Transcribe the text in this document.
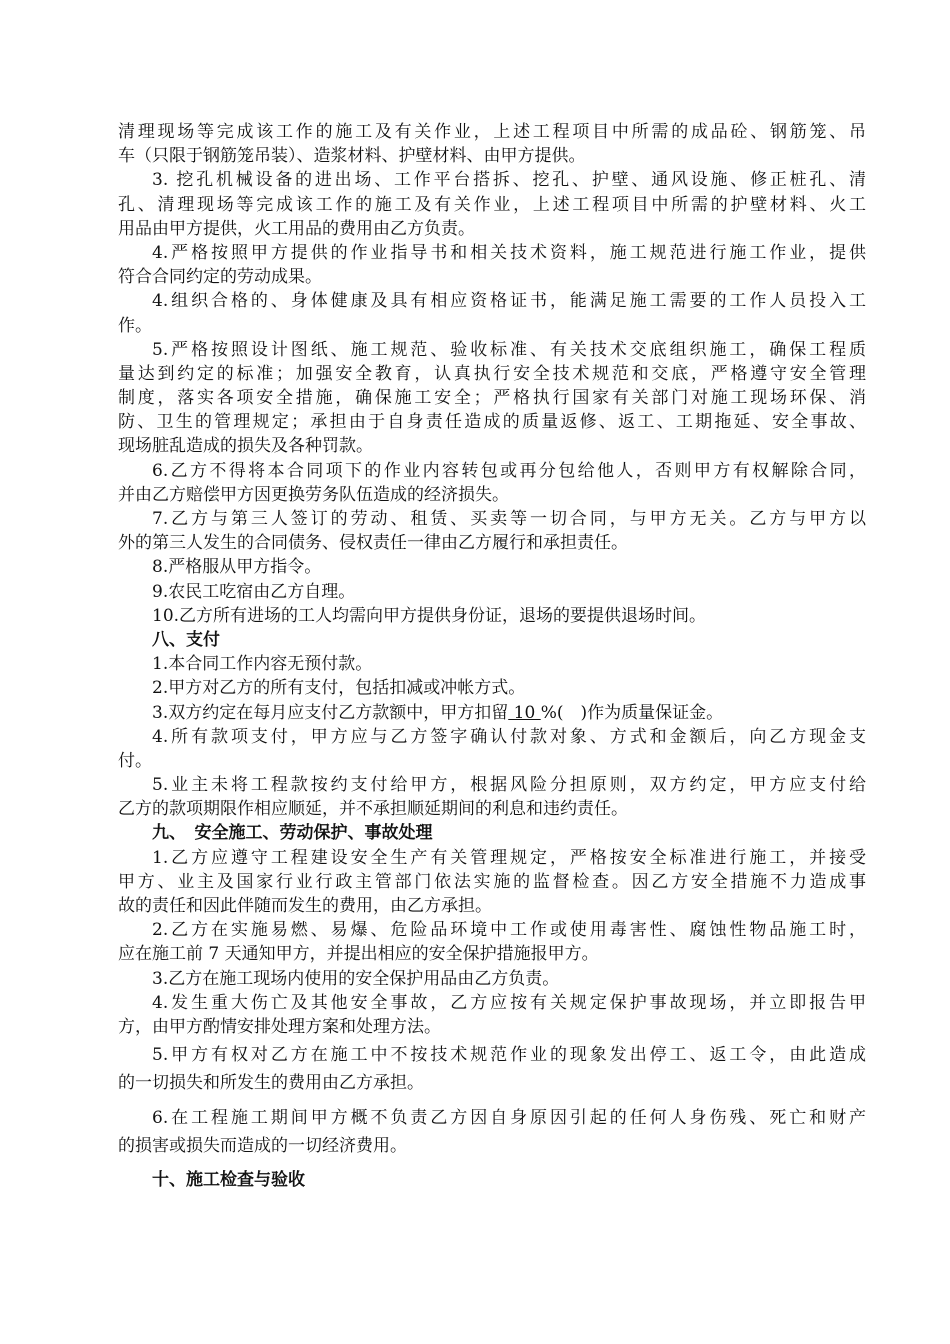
清理现场等完成该工作的施工及有关作业，上述工程项目中所需的成品砼、钢筋笼、吊
车（只限于钢筋笼吊装）、造浆材料、护壁材料、由甲方提供。
3. 挖孔机械设备的进出场、工作平台搭拆、挖孔、护壁、通风设施、修正桩孔、清
孔、清理现场等完成该工作的施工及有关作业，上述工程项目中所需的护壁材料、火工
用品由甲方提供，火工用品的费用由乙方负责。
4.严格按照甲方提供的作业指导书和相关技术资料，施工规范进行施工作业，提供
符合合同约定的劳动成果。
4.组织合格的、身体健康及具有相应资格证书，能满足施工需要的工作人员投入工
作。
5.严格按照设计图纸、施工规范、验收标准、有关技术交底组织施工，确保工程质
量达到约定的标准；加强安全教育，认真执行安全技术规范和交底，严格遵守安全管理
制度，落实各项安全措施，确保施工安全；严格执行国家有关部门对施工现场环保、消
防、卫生的管理规定；承担由于自身责任造成的质量返修、返工、工期拖延、安全事故、
现场脏乱造成的损失及各种罚款。
6.乙方不得将本合同项下的作业内容转包或再分包给他人，否则甲方有权解除合同，
并由乙方赔偿甲方因更换劳务队伍造成的经济损失。
7.乙方与第三人签订的劳动、租赁、买卖等一切合同，与甲方无关。乙方与甲方以
外的第三人发生的合同债务、侵权责任一律由乙方履行和承担责任。
8.严格服从甲方指令。
9.农民工吃宿由乙方自理。
10.乙方所有进场的工人均需向甲方提供身份证，退场的要提供退场时间。
八、支付
1.本合同工作内容无预付款。
2.甲方对乙方的所有支付，包括扣减或冲帐方式。
3.双方约定在每月应支付乙方款额中，甲方扣留 10 %(　)作为质量保证金。
4.所有款项支付，甲方应与乙方签字确认付款对象、方式和金额后，向乙方现金支
付。
5.业主未将工程款按约支付给甲方，根据风险分担原则，双方约定，甲方应支付给
乙方的款项期限作相应顺延，并不承担顺延期间的利息和违约责任。
九、　安全施工、劳动保护、事故处理
1.乙方应遵守工程建设安全生产有关管理规定，严格按安全标准进行施工，并接受
甲方、业主及国家行业行政主管部门依法实施的监督检查。因乙方安全措施不力造成事
故的责任和因此伴随而发生的费用，由乙方承担。
2.乙方在实施易燃、易爆、危险品环境中工作或使用毒害性、腐蚀性物品施工时，
应在施工前 7 天通知甲方，并提出相应的安全保护措施报甲方。
3.乙方在施工现场内使用的安全保护用品由乙方负责。
4.发生重大伤亡及其他安全事故，乙方应按有关规定保护事故现场，并立即报告甲
方，由甲方酌情安排处理方案和处理方法。
5.甲方有权对乙方在施工中不按技术规范作业的现象发出停工、返工令，由此造成
的一切损失和所发生的费用由乙方承担。
6.在工程施工期间甲方概不负责乙方因自身原因引起的任何人身伤残、死亡和财产
的损害或损失而造成的一切经济费用。
十、施工检查与验收
